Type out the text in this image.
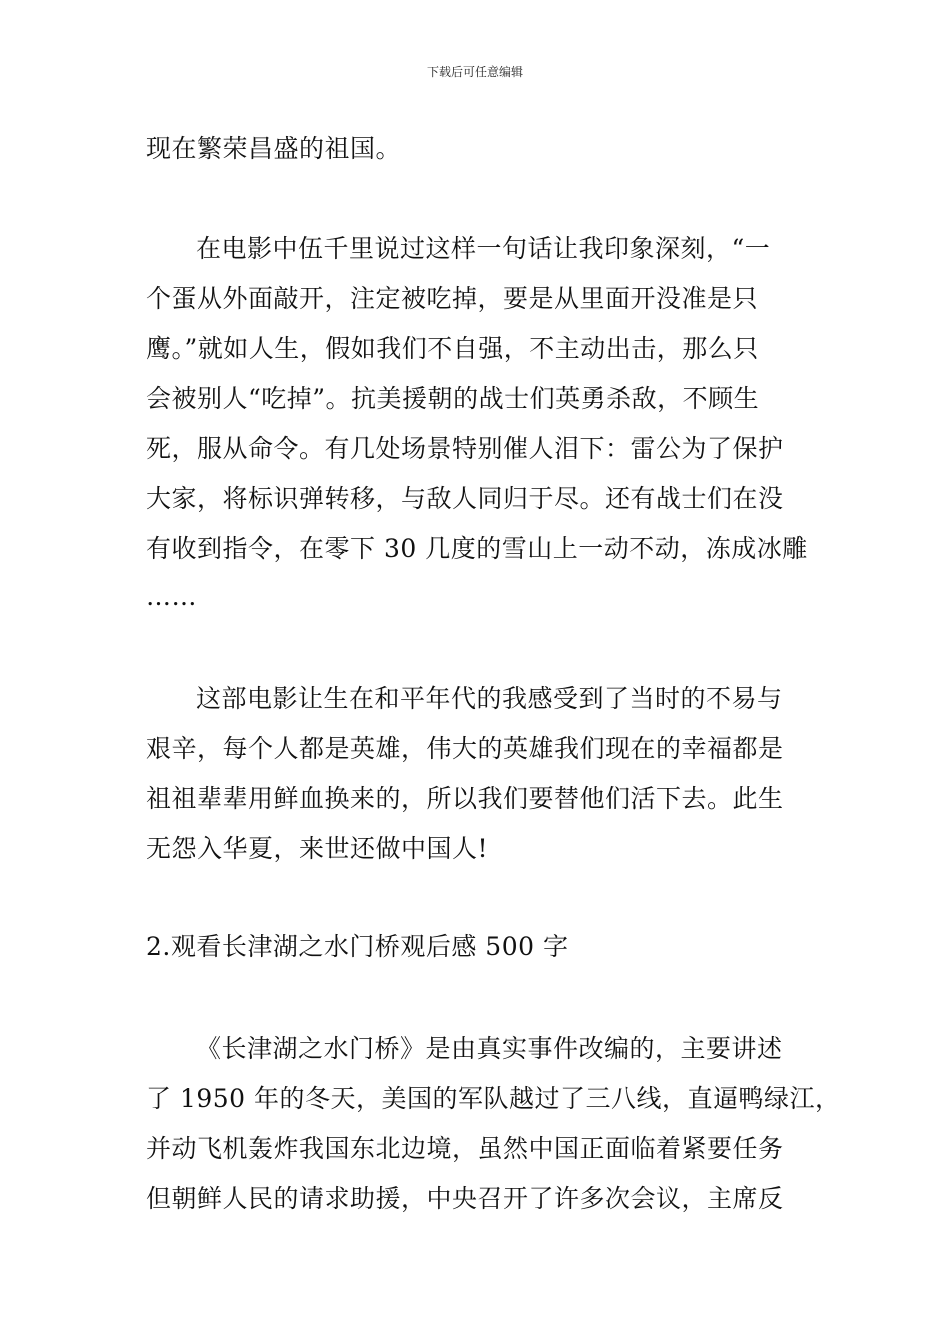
下载后可任意编辑
现在繁荣昌盛的祖国。
在电影中伍千里说过这样一句话让我印象深刻，“一
个蛋从外面敲开，注定被吃掉，要是从里面开没准是只
鹰。”就如人生，假如我们不自强，不主动出击，那么只
会被别人“吃掉”。抗美援朝的战士们英勇杀敌，不顾生
死，服从命令。有几处场景特别催人泪下：雷公为了保护
大家，将标识弹转移，与敌人同归于尽。还有战士们在没
有收到指令，在零下 30 几度的雪山上一动不动，冻成冰雕
……
这部电影让生在和平年代的我感受到了当时的不易与
艰辛，每个人都是英雄，伟大的英雄我们现在的幸福都是
祖祖辈辈用鲜血换来的，所以我们要替他们活下去。此生
无怨入华夏，来世还做中国人!
2.观看长津湖之水门桥观后感 500 字
《长津湖之水门桥》是由真实事件改编的，主要讲述
了 1950 年的冬天，美国的军队越过了三八线，直逼鸭绿江，
并动飞机轰炸我国东北边境，虽然中国正面临着紧要任务
但朝鲜人民的请求助援，中央召开了许多次会议，主席反
